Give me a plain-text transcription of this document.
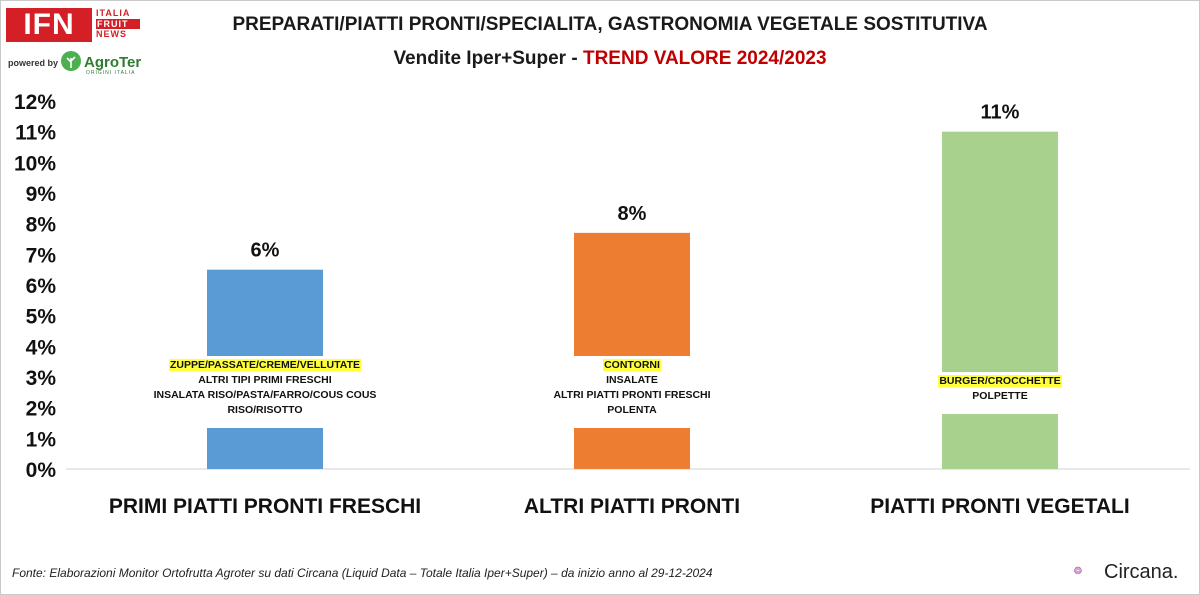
IFN	ITALIA
FRUIT
NEWS
powered by AgroTer
ORIGINI ITALIA
PREPARATI/PIATTI PRONTI/SPECIALITA, GASTRONOMIA VEGETALE SOSTITUTIVA
Vendite Iper+Super - TREND VALORE 2024/2023
0%
1%
2%
3%
4%
5%
6%
7%
8%
9%
10%
11%
12%
6%
PRIMI PIATTI PRONTI FRESCHI
8%
ALTRI PIATTI PRONTI
11%
PIATTI PRONTI VEGETALI
ZUPPE/PASSATE/CREME/VELLUTATE
ALTRI TIPI PRIMI FRESCHI
INSALATA RISO/PASTA/FARRO/COUS COUS
RISO/RISOTTO
CONTORNI
INSALATE
ALTRI PIATTI PRONTI FRESCHI
POLENTA
BURGER/CROCCHETTE
POLPETTE
Fonte: Elaborazioni Monitor Ortofrutta Agroter su dati Circana (Liquid Data – Totale Italia Iper+Super) – da inizio anno al 29-12-2024	Circana.
